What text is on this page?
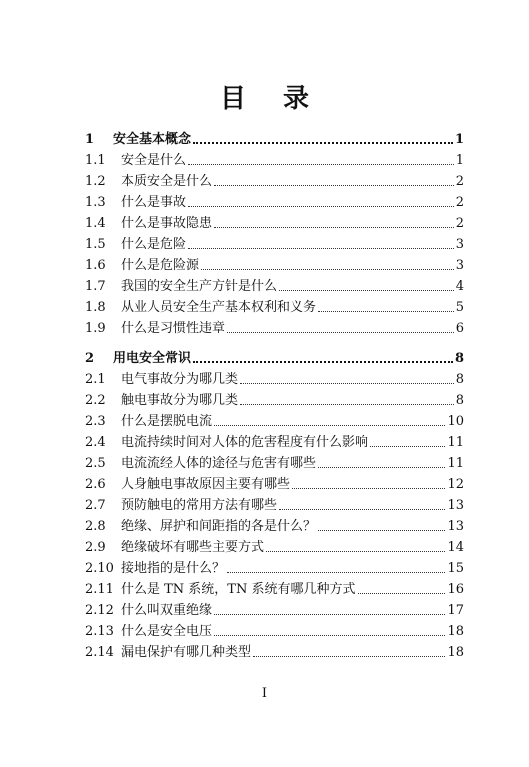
目 录
1	安全基本概念	1
1.1	安全是什么	1
1.2	本质安全是什么	2
1.3	什么是事故	2
1.4	什么是事故隐患	2
1.5	什么是危险	3
1.6	什么是危险源	3
1.7	我国的安全生产方针是什么	4
1.8	从业人员安全生产基本权利和义务	5
1.9	什么是习惯性违章	6
2	用电安全常识	8
2.1	电气事故分为哪几类	8
2.2	触电事故分为哪几类	8
2.3	什么是摆脱电流	10
2.4	电流持续时间对人体的危害程度有什么影响	11
2.5	电流流经人体的途径与危害有哪些	11
2.6	人身触电事故原因主要有哪些	12
2.7	预防触电的常用方法有哪些	13
2.8	绝缘、屏护和间距指的各是什么？	13
2.9	绝缘破坏有哪些主要方式	14
2.10 接地指的是什么？	15
2.11 什么是 TN 系统，TN 系统有哪几种方式	16
2.12 什么叫双重绝缘	17
2.13 什么是安全电压	18
2.14 漏电保护有哪几种类型	18
I
